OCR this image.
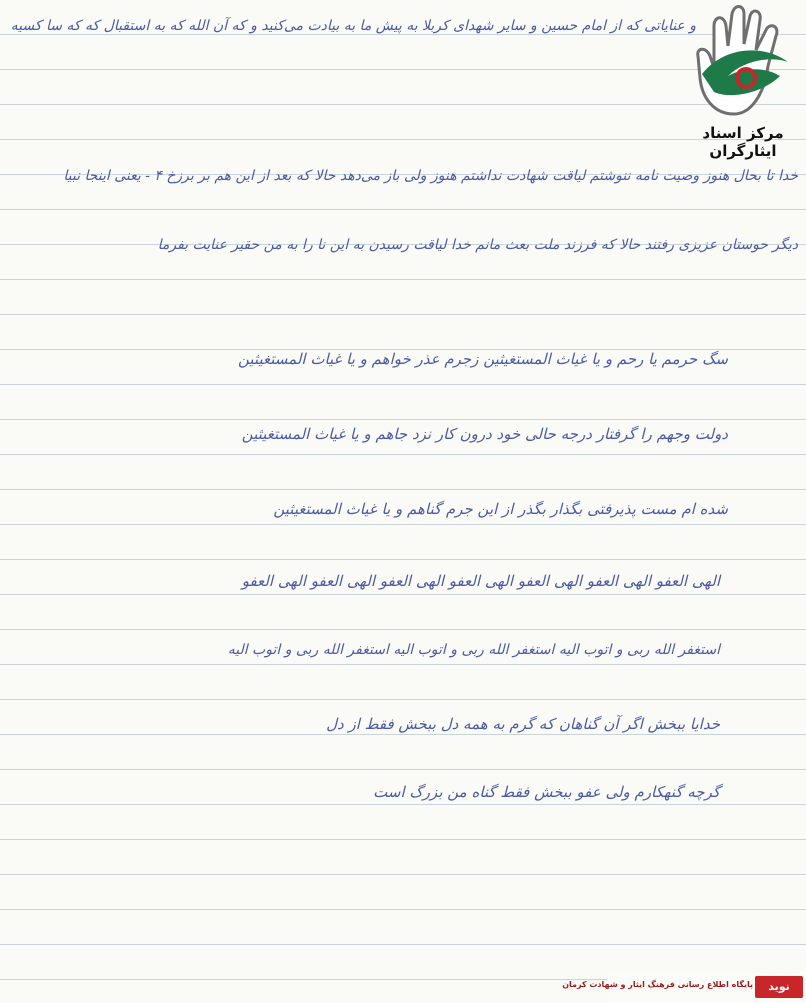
و عنایاتی که از امام حسین و سایر شهدای کربلا به پیش ما به بیادت می‌کنید و که آن الله که به استقبال که که سا کسیه
خدا تا بحال هنوز وصیت نامه ننوشتم لیاقت شهادت نداشتم هنوز ولی باز می‌دهد حالا که بعد از این هم بر برزخ ۴ - یعنی اینجا نبیا
دیگر حوستان عزیزی رفتند حالا که فرزند ملت بعث مانم خدا لیاقت رسیدن به این نا را به من حقیر عنایت بفرما
سگ حرمم یا رحم و یا غیاث المستغیثین زجرم عذر خواهم و یا غیاث المستغیثین
دولت وجهم را گرفتار درجه حالی خود درون کار نزد جاهم و یا غیاث المستغیثین
شده ام مست پذیرفتی بگذار بگذر از این جرم گناهم و یا غیاث المستغیثین
الهی العفو الهی العفو الهی العفو الهی العفو الهی العفو الهی العفو الهی العفو
استغفر الله ربی و اتوب الیه استغفر الله ربی و اتوب الیه استغفر الله ربی و اتوب الیه
خدایا ببخش اگر آن گناهان که گرم به همه دل ببخش فقط از دل
گرچه گنهکارم ولی عفو ببخش فقط گناه من بزرگ است
مرکز اسناد ایثارگران
پایگاه اطلاع رسانی فرهنگ ایثار و شهادت کرمان	نوید
